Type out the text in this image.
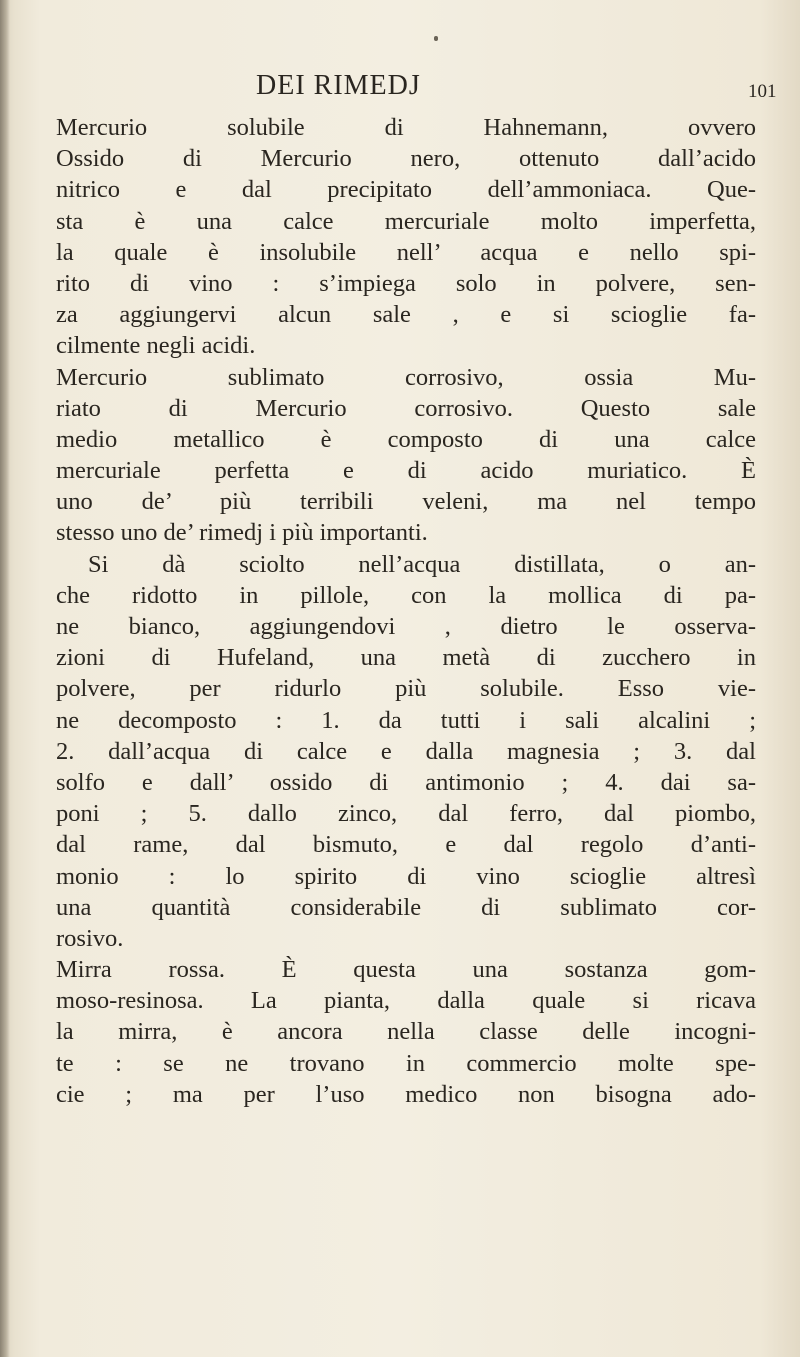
DEI RIMEDJ	101
Mercurio solubile di Hahnemann, ovvero
Ossido di Mercurio nero, ottenuto dall’acido
nitrico e dal precipitato dell’ammoniaca. Que-
sta è una calce mercuriale molto imperfetta,
la quale è insolubile nell’ acqua e nello spi-
rito di vino : s’impiega solo in polvere, sen-
za aggiungervi alcun sale , e si scioglie fa-
cilmente negli acidi.
Mercurio sublimato corrosivo, ossia Mu-
riato di Mercurio corrosivo. Questo sale
medio metallico è composto di una calce
mercuriale perfetta e di acido muriatico. È
uno de’ più terribili veleni, ma nel tempo
stesso uno de’ rimedj i più importanti.
Si dà sciolto nell’acqua distillata, o an-
che ridotto in pillole, con la mollica di pa-
ne bianco, aggiungendovi , dietro le osserva-
zioni di Hufeland, una metà di zucchero in
polvere, per ridurlo più solubile. Esso vie-
ne decomposto : 1. da tutti i sali alcalini ;
2. dall’acqua di calce e dalla magnesia ; 3. dal
solfo e dall’ ossido di antimonio ; 4. dai sa-
poni ; 5. dallo zinco, dal ferro, dal piombo,
dal rame, dal bismuto, e dal regolo d’anti-
monio : lo spirito di vino scioglie altresì
una quantità considerabile di sublimato cor-
rosivo.
Mirra rossa. È questa una sostanza gom-
moso-resinosa. La pianta, dalla quale si ricava
la mirra, è ancora nella classe delle incogni-
te : se ne trovano in commercio molte spe-
cie ; ma per l’uso medico non bisogna ado-
